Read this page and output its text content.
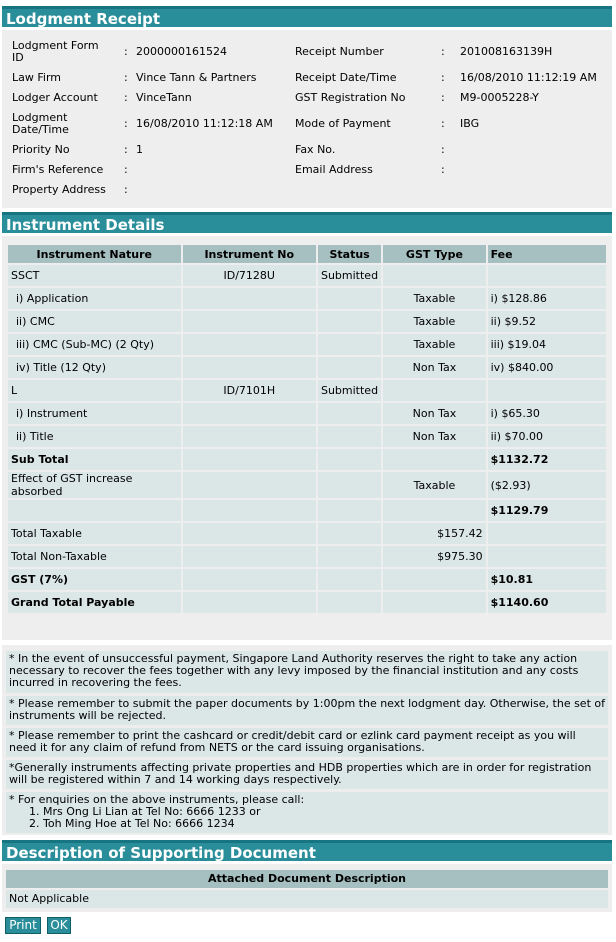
Lodgment Receipt
Lodgment Form ID	: 2000000161524
Law Firm	: Vince Tann & Partners
Lodger Account	: VinceTann
Lodgment Date/Time	: 16/08/2010 11:12:18 AM
Priority No	: 1
Firm's Reference	:
Property Address	:
Receipt Number	: 201008163139H
Receipt Date/Time	: 16/08/2010 11:12:19 AM
GST Registration No	: M9-0005228-Y
Mode of Payment	: IBG
Fax No.	:
Email Address	:
Instrument Details
Instrument Nature	Instrument No	Status	GST Type	Fee
SSCT	ID/7128U	Submitted		
i) Application			Taxable	i) $128.86
ii) CMC			Taxable	ii) $9.52
iii) CMC (Sub-MC) (2 Qty)			Taxable	iii) $19.04
iv) Title (12 Qty)			Non Tax	iv) $840.00
L	ID/7101H	Submitted		
i) Instrument			Non Tax	i) $65.30
ii) Title			Non Tax	ii) $70.00
Sub Total				$1132.72
Effect of GST increase absorbed			Taxable	($2.93)
				$1129.79
Total Taxable			$157.42	
Total Non-Taxable			$975.30	
GST (7%)				$10.81
Grand Total Payable				$1140.60
* In the event of unsuccessful payment, Singapore Land Authority reserves the right to take any action necessary to recover the fees together with any levy imposed by the financial institution and any costs incurred in recovering the fees.
* Please remember to submit the paper documents by 1:00pm the next lodgment day. Otherwise, the set of instruments will be rejected.
* Please remember to print the cashcard or credit/debit card or ezlink card payment receipt as you will need it for any claim of refund from NETS or the card issuing organisations.
*Generally instruments affecting private properties and HDB properties which are in order for registration will be registered within 7 and 14 working days respectively.
* For enquiries on the above instruments, please call:
1. Mrs Ong Li Lian at Tel No: 6666 1233 or
2. Toh Ming Hoe at Tel No: 6666 1234
Description of Supporting Document
Attached Document Description
Not Applicable
Print	OK
